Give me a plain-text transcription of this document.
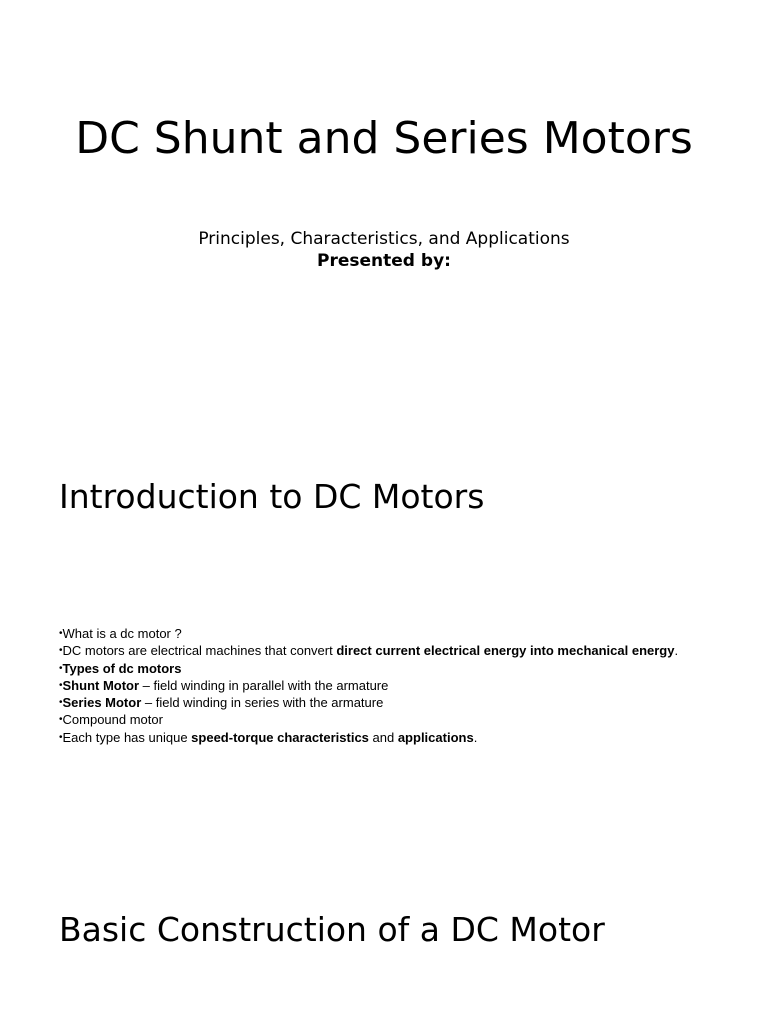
DC Shunt and Series Motors

Principles, Characteristics, and Applications

Presented by:

Introduction to DC Motors
•What is a dc motor ?
•DC motors are electrical machines that convert direct current electrical energy into mechanical energy.
•Types of dc motors
•Shunt Motor – field winding in parallel with the armature
•Series Motor – field winding in series with the armature
•Compound motor
•Each type has unique speed-torque characteristics and applications.
Basic Construction of a DC Motor
